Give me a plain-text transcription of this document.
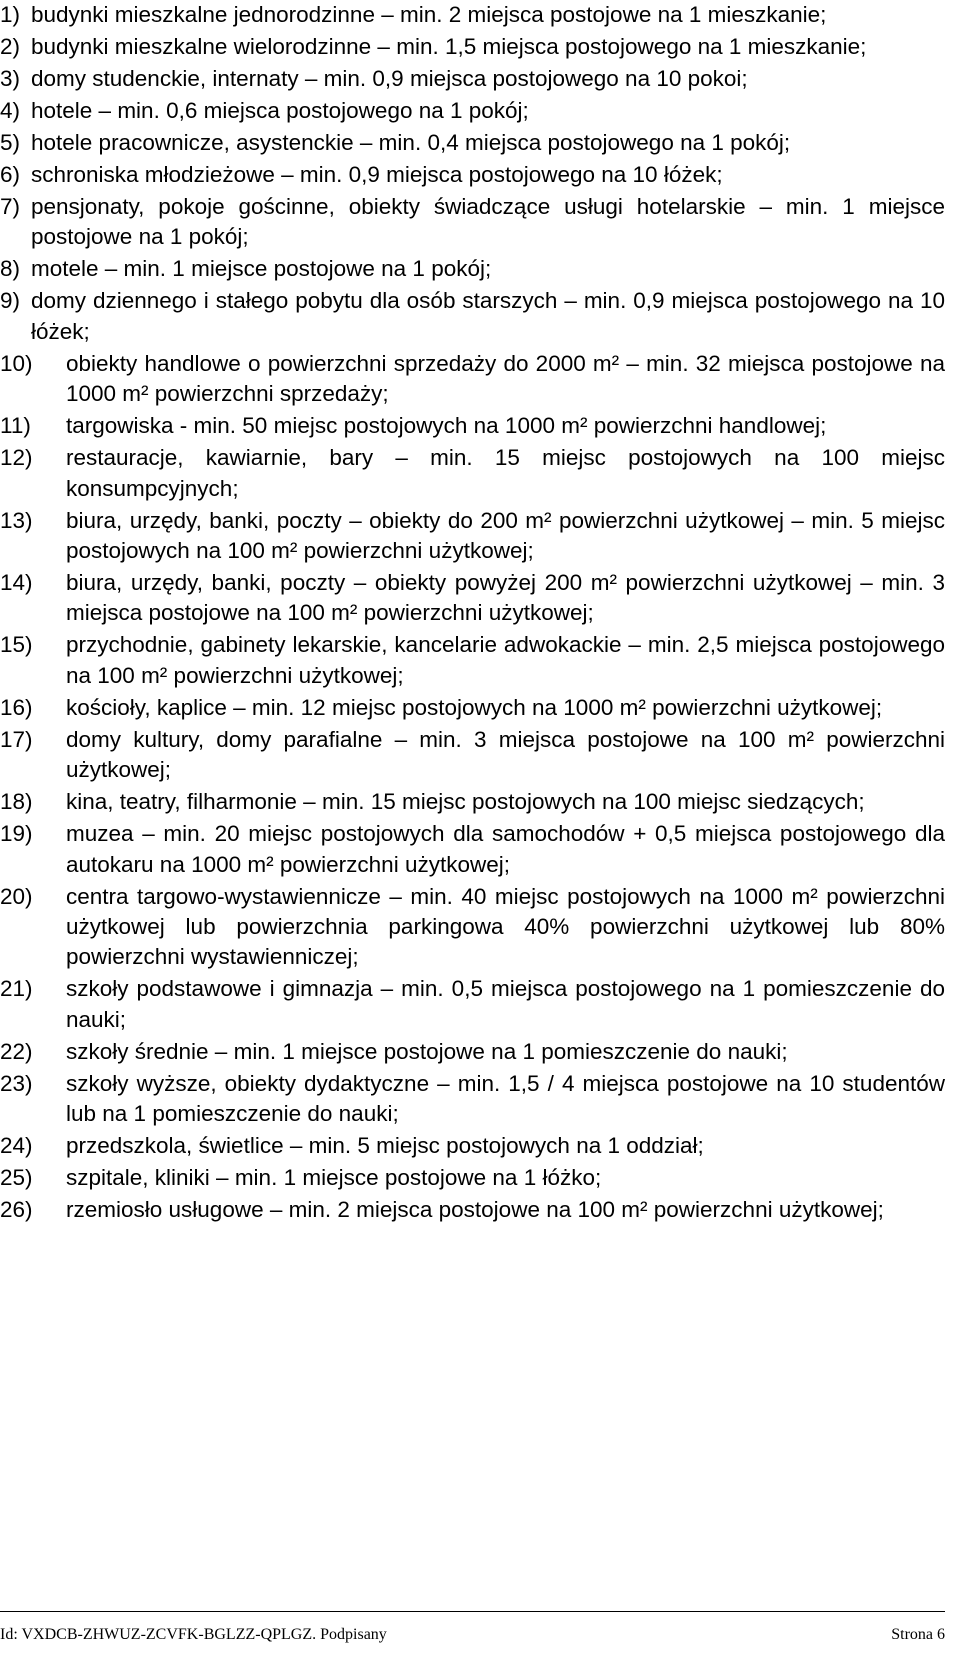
1) budynki mieszkalne jednorodzinne – min. 2 miejsca postojowe na 1 mieszkanie;
2) budynki mieszkalne wielorodzinne – min. 1,5 miejsca postojowego na 1 mieszkanie;
3) domy studenckie, internaty – min. 0,9 miejsca postojowego na 10 pokoi;
4) hotele – min. 0,6 miejsca postojowego na 1 pokój;
5) hotele pracownicze, asystenckie – min. 0,4 miejsca postojowego na 1 pokój;
6) schroniska młodzieżowe – min. 0,9 miejsca postojowego na 10 łóżek;
7) pensjonaty, pokoje gościnne, obiekty świadczące usługi hotelarskie – min. 1 miejsce postojowe na 1 pokój;
8) motele – min. 1 miejsce postojowe na 1 pokój;
9) domy dziennego i stałego pobytu dla osób starszych – min. 0,9 miejsca postojowego na 10 łóżek;
10) obiekty handlowe o powierzchni sprzedaży do 2000 m² – min. 32 miejsca postojowe na 1000 m² powierzchni sprzedaży;
11) targowiska - min. 50 miejsc postojowych na 1000 m² powierzchni handlowej;
12) restauracje, kawiarnie, bary – min. 15 miejsc postojowych na 100 miejsc konsumpcyjnych;
13) biura, urzędy, banki, poczty – obiekty do 200 m² powierzchni użytkowej – min. 5 miejsc postojowych na 100 m² powierzchni użytkowej;
14) biura, urzędy, banki, poczty – obiekty powyżej 200 m² powierzchni użytkowej – min. 3 miejsca postojowe na 100 m² powierzchni użytkowej;
15) przychodnie, gabinety lekarskie, kancelarie adwokackie – min. 2,5 miejsca postojowego na 100 m² powierzchni użytkowej;
16) kościoły, kaplice – min. 12 miejsc postojowych na 1000 m² powierzchni użytkowej;
17) domy kultury, domy parafialne – min. 3 miejsca postojowe na 100 m² powierzchni użytkowej;
18) kina, teatry, filharmonie – min. 15 miejsc postojowych na 100 miejsc siedzących;
19) muzea – min. 20 miejsc postojowych dla samochodów + 0,5 miejsca postojowego dla autokaru na 1000 m² powierzchni użytkowej;
20) centra targowo-wystawiennicze – min. 40 miejsc postojowych na 1000 m² powierzchni użytkowej lub powierzchnia parkingowa 40% powierzchni użytkowej lub 80% powierzchni wystawienniczej;
21) szkoły podstawowe i gimnazja – min. 0,5 miejsca postojowego na 1 pomieszczenie do nauki;
22) szkoły średnie – min. 1 miejsce postojowe na 1 pomieszczenie do nauki;
23) szkoły wyższe, obiekty dydaktyczne – min. 1,5 / 4 miejsca postojowe na 10 studentów lub na 1 pomieszczenie do nauki;
24) przedszkola, świetlice – min. 5 miejsc postojowych na 1 oddział;
25) szpitale, kliniki – min. 1 miejsce postojowe na 1 łóżko;
26) rzemiosło usługowe – min. 2 miejsca postojowe na 100 m² powierzchni użytkowej;
Id: VXDCB-ZHWUZ-ZCVFK-BGLZZ-QPLGZ. Podpisany	Strona 6
